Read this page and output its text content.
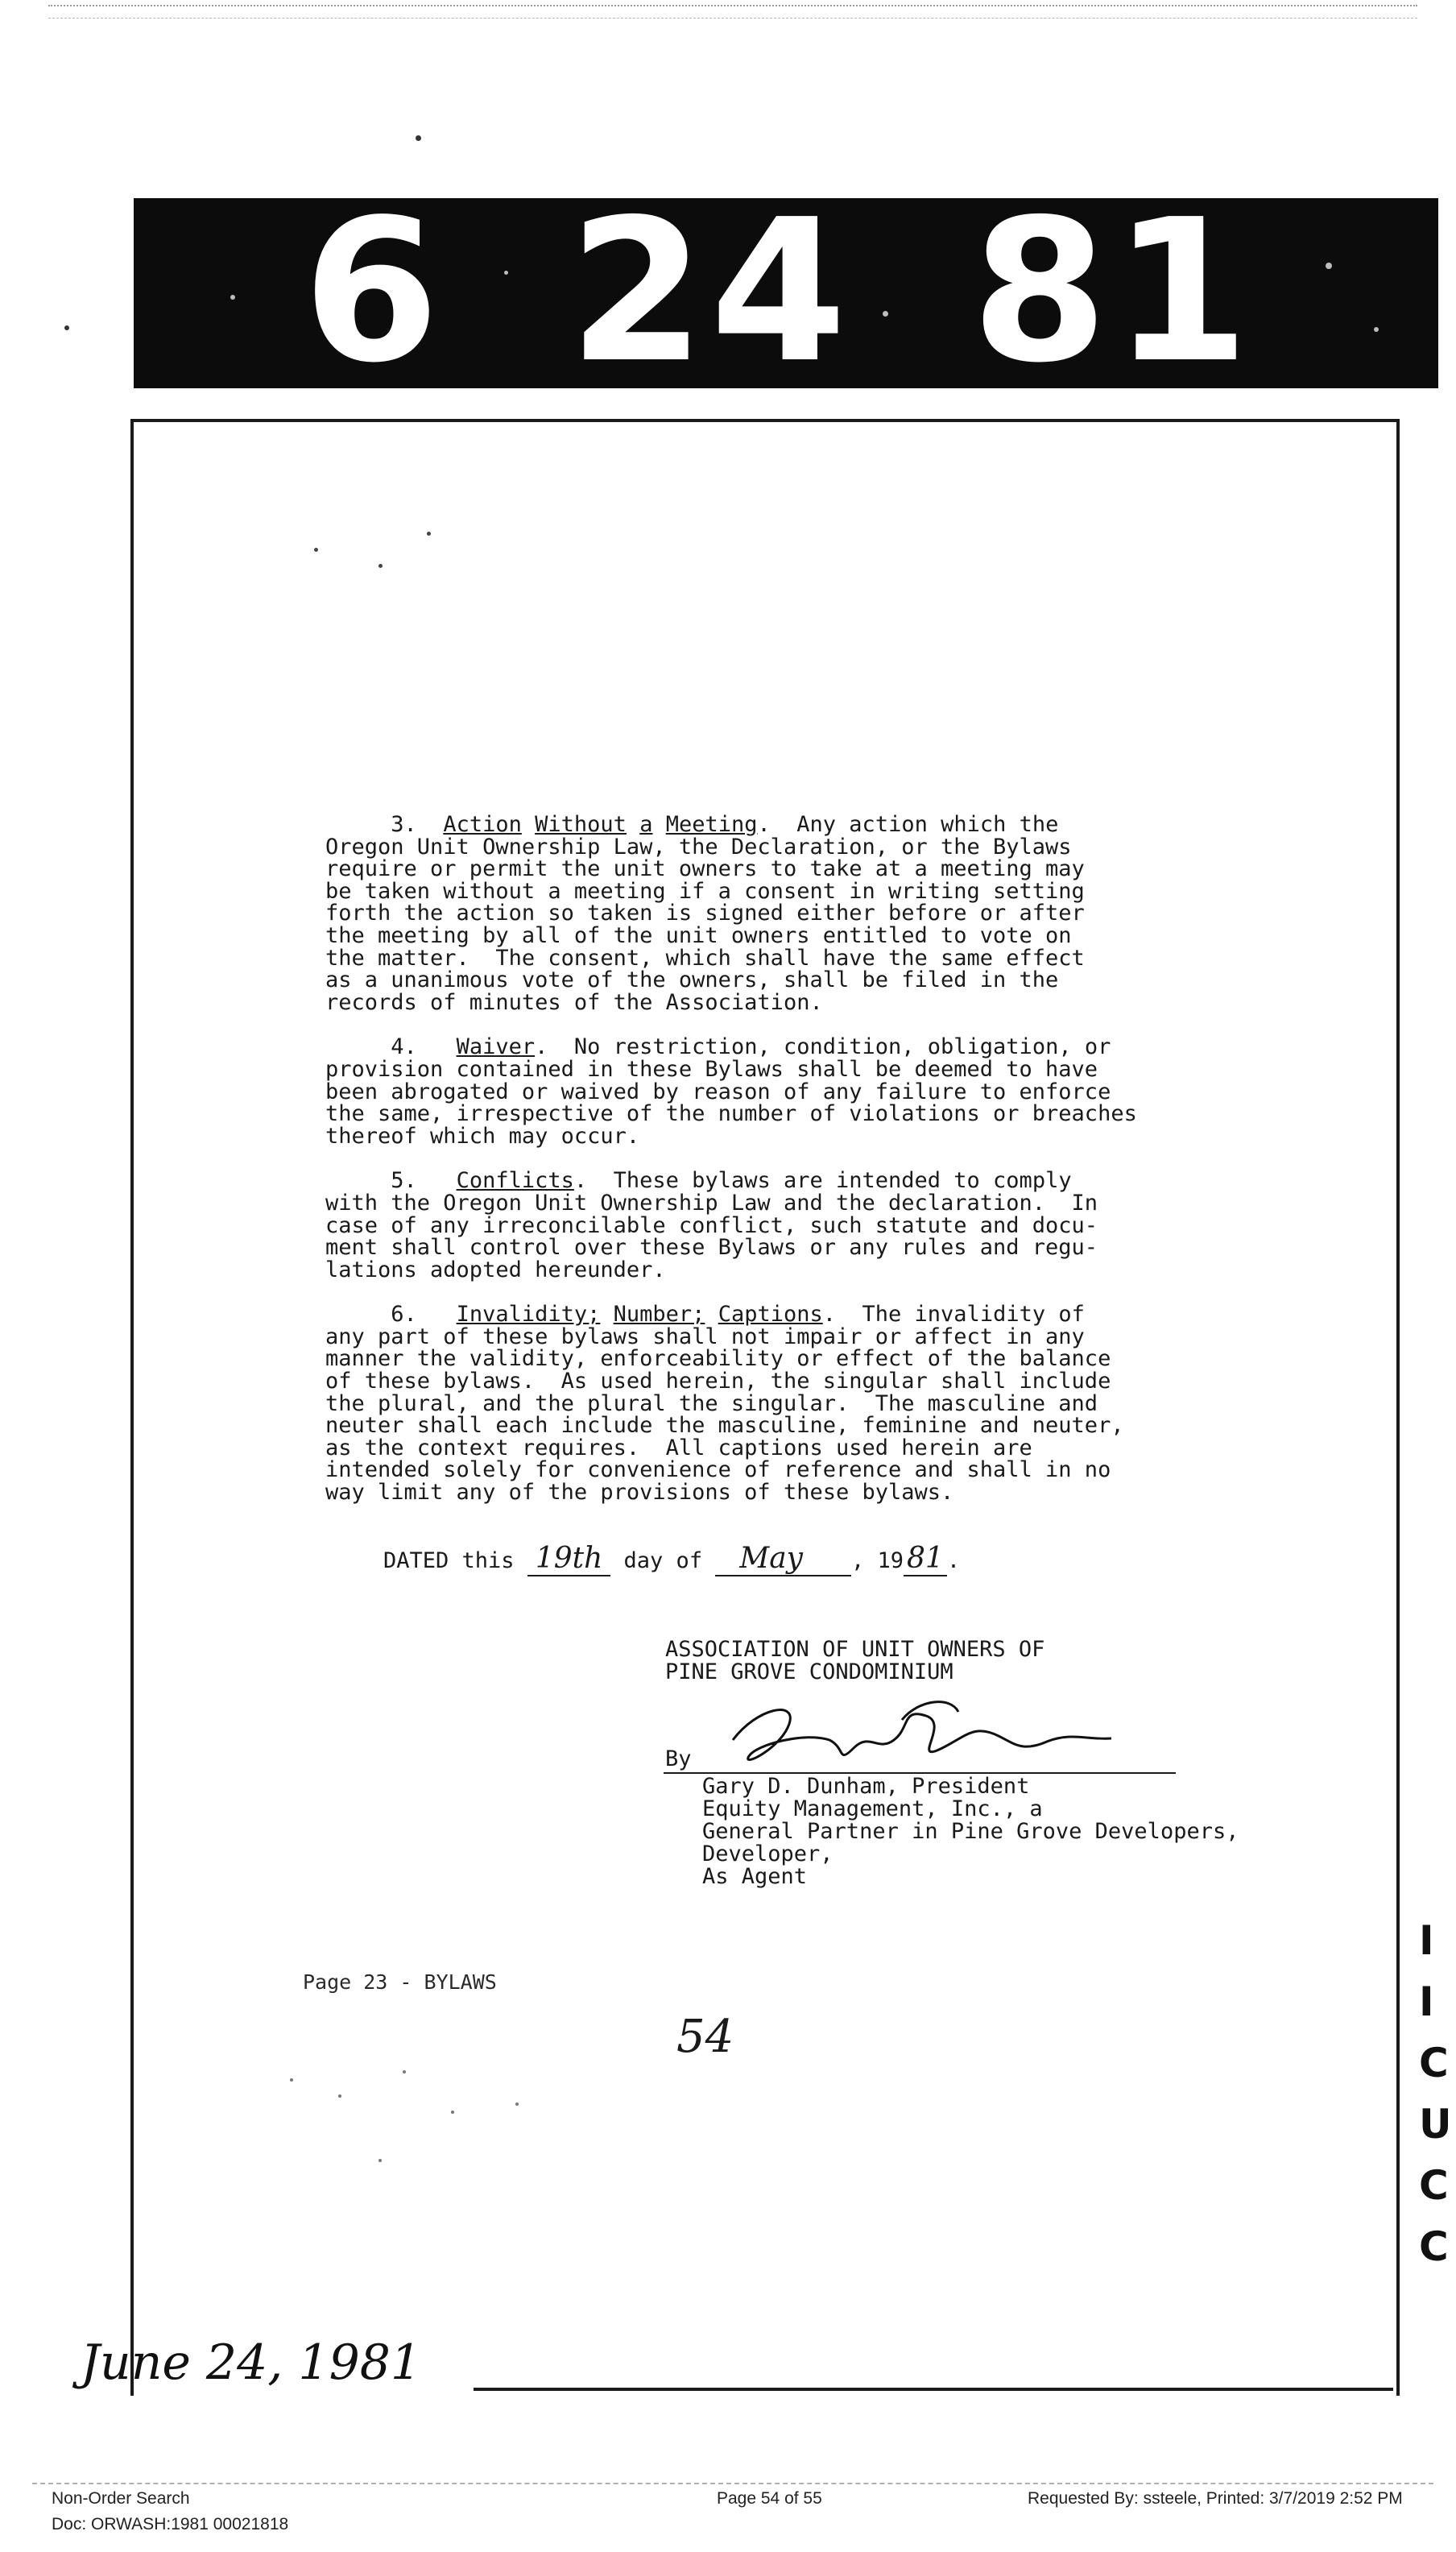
6 24 81
3.  Action Without a Meeting.  Any action which the
Oregon Unit Ownership Law, the Declaration, or the Bylaws
require or permit the unit owners to take at a meeting may
be taken without a meeting if a consent in writing setting
forth the action so taken is signed either before or after
the meeting by all of the unit owners entitled to vote on
the matter.  The consent, which shall have the same effect
as a unanimous vote of the owners, shall be filed in the
records of minutes of the Association.
4.   Waiver.  No restriction, condition, obligation, or
provision contained in these Bylaws shall be deemed to have
been abrogated or waived by reason of any failure to enforce
the same, irrespective of the number of violations or breaches
thereof which may occur.
5.   Conflicts.  These bylaws are intended to comply
with the Oregon Unit Ownership Law and the declaration.  In
case of any irreconcilable conflict, such statute and docu-
ment shall control over these Bylaws or any rules and regu-
lations adopted hereunder.
6.   Invalidity; Number; Captions.  The invalidity of
any part of these bylaws shall not impair or affect in any
manner the validity, enforceability or effect of the balance
of these bylaws.  As used herein, the singular shall include
the plural, and the plural the singular.  The masculine and
neuter shall each include the masculine, feminine and neuter,
as the context requires.  All captions used herein are
intended solely for convenience of reference and shall in no
way limit any of the provisions of these bylaws.
DATED this 19th day of May , 19 81 .
ASSOCIATION OF UNIT OWNERS OF
PINE GROVE CONDOMINIUM
By
Gary D. Dunham, President
Equity Management, Inc., a
General Partner in Pine Grove Developers,
Developer,
As Agent
Page 23 - BYLAWS
54
I
I
C
U
C
C
June 24, 1981
Non-Order Search
Doc: ORWASH:1981 00021818
Page 54 of 55	Requested By: ssteele, Printed: 3/7/2019 2:52 PM
